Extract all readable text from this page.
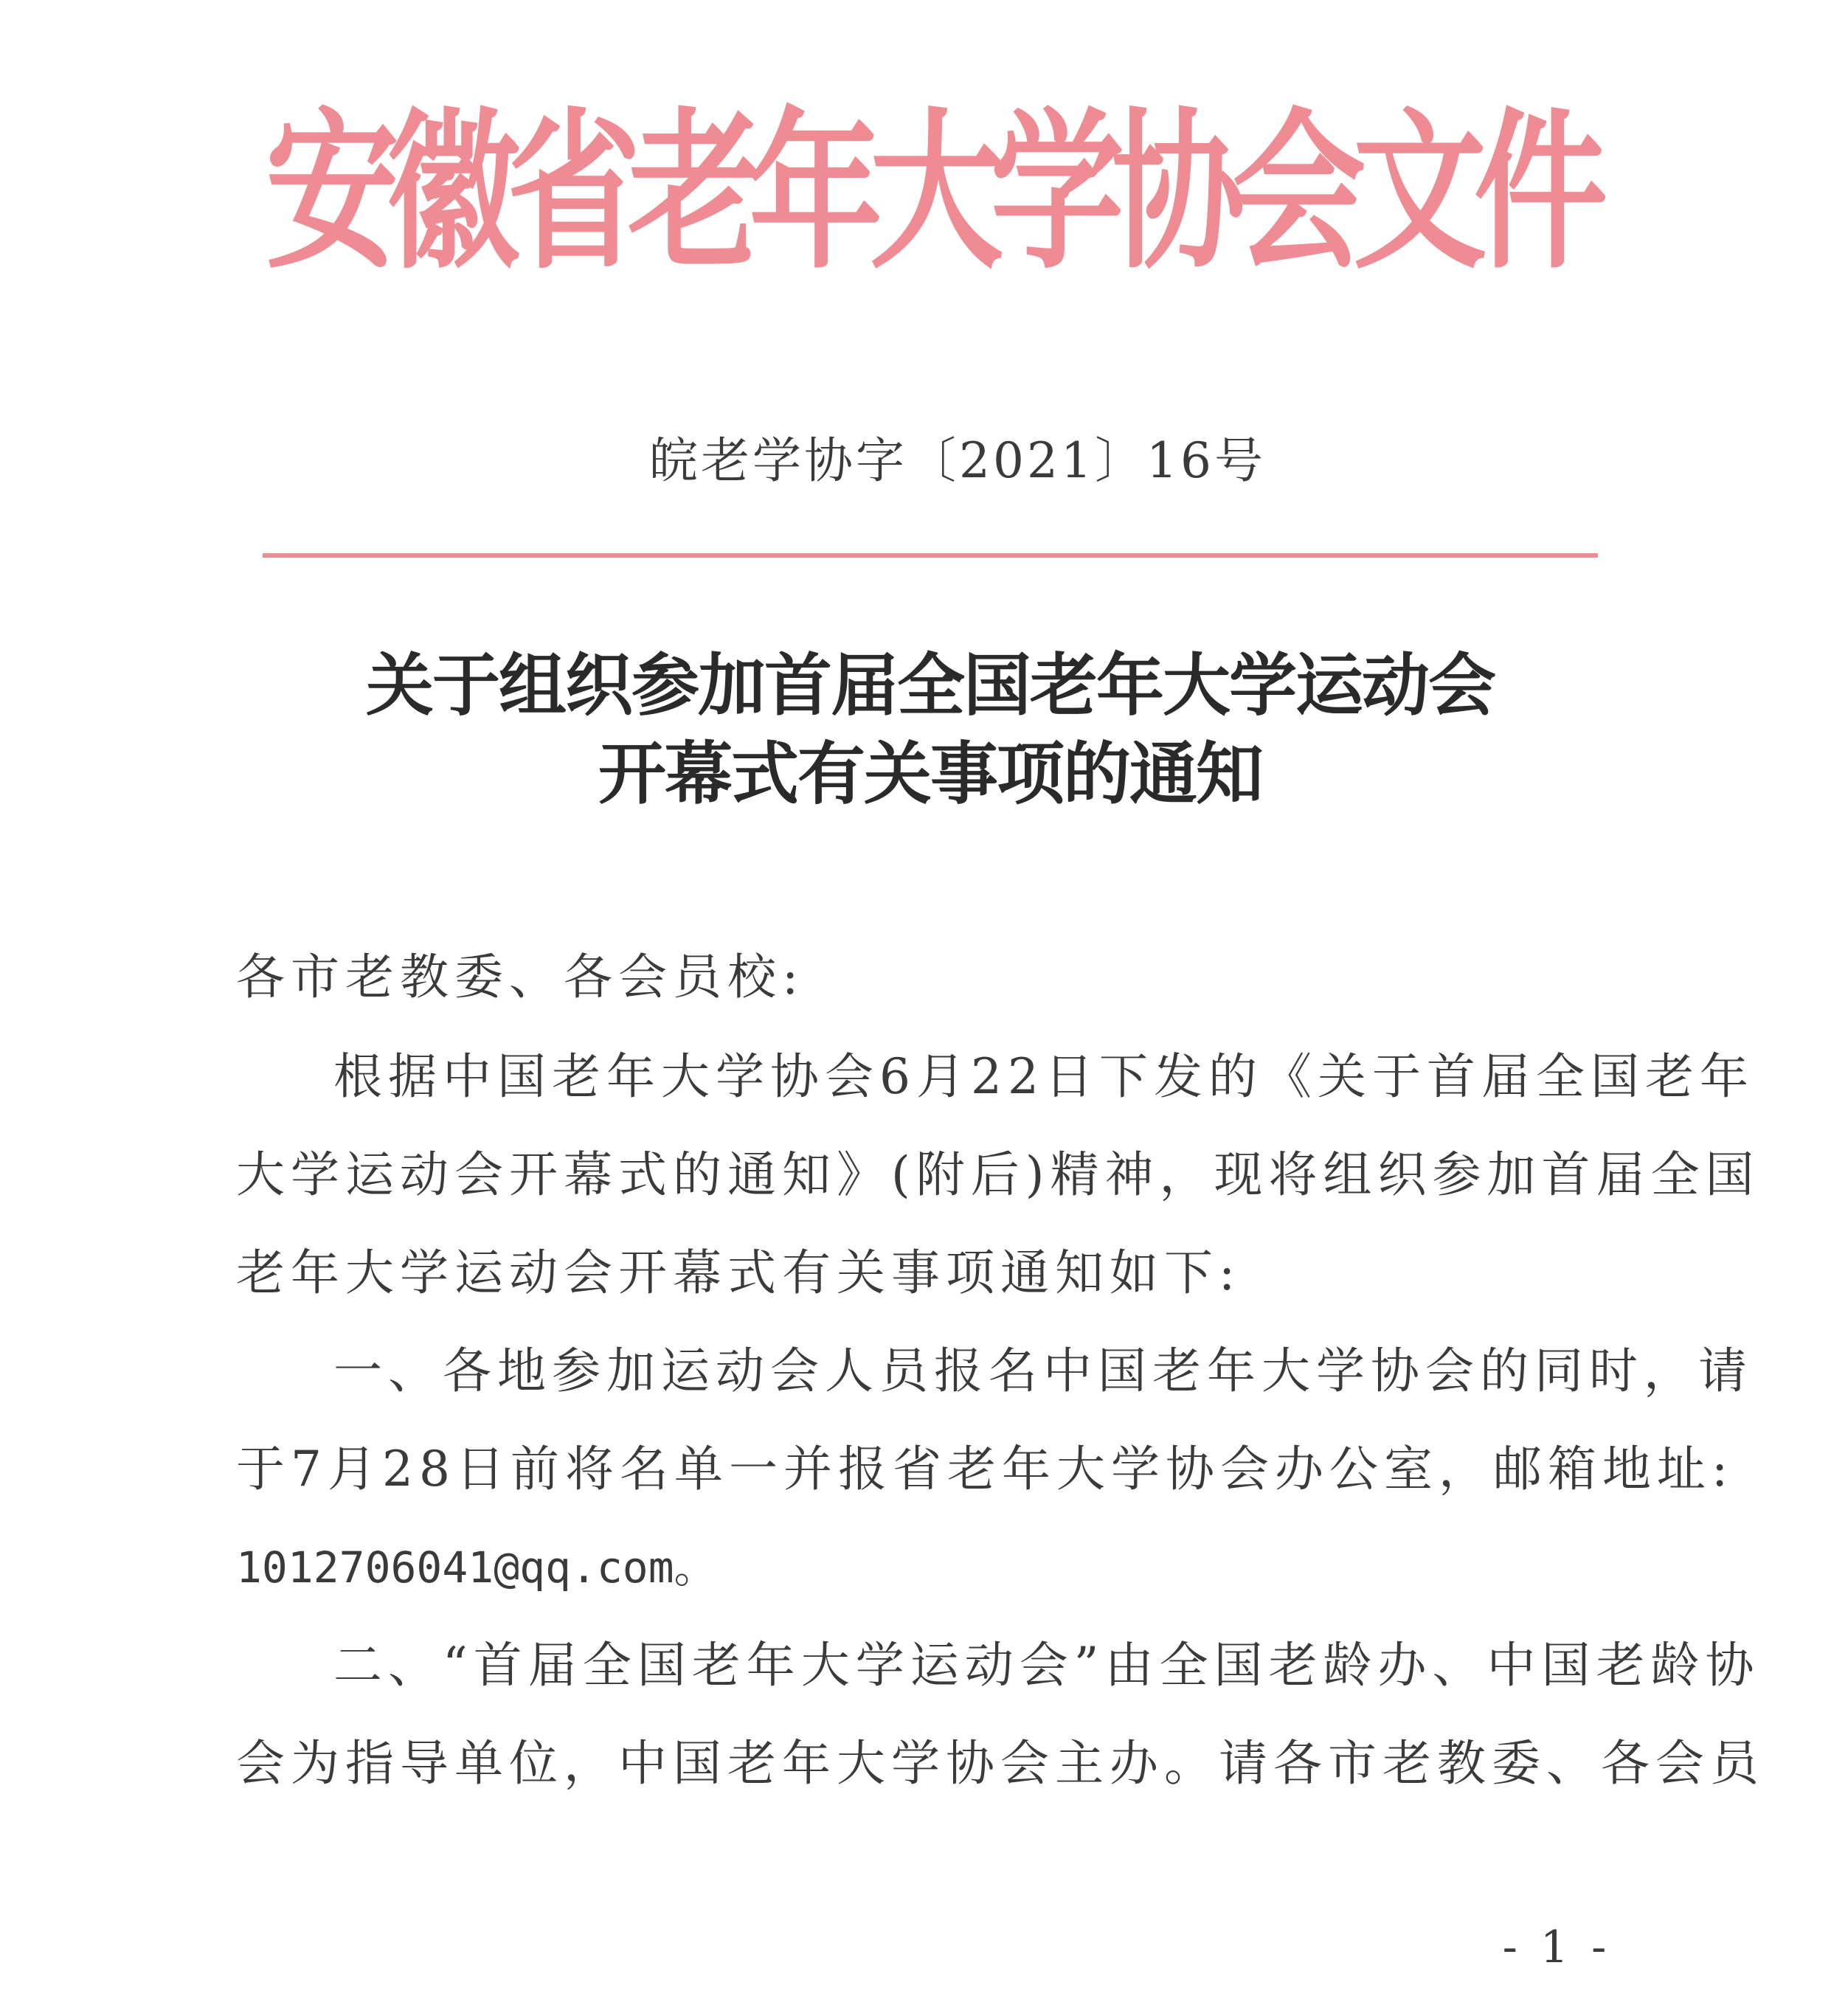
安徽省老年大学协会文件
皖老学协字〔2021〕16号
关于组织参加首届全国老年大学运动会
开幕式有关事项的通知
各市老教委、各会员校:
根据中国老年大学协会6月22日下发的《关于首届全国老年
大学运动会开幕式的通知》(附后)精神，现将组织参加首届全国
老年大学运动会开幕式有关事项通知如下:
一、各地参加运动会人员报名中国老年大学协会的同时，请
于7月28日前将名单一并报省老年大学协会办公室，邮箱地址:
1012706041@qq.com。
二、“首届全国老年大学运动会”由全国老龄办、中国老龄协
会为指导单位，中国老年大学协会主办。请各市老教委、各会员
- 1 -
